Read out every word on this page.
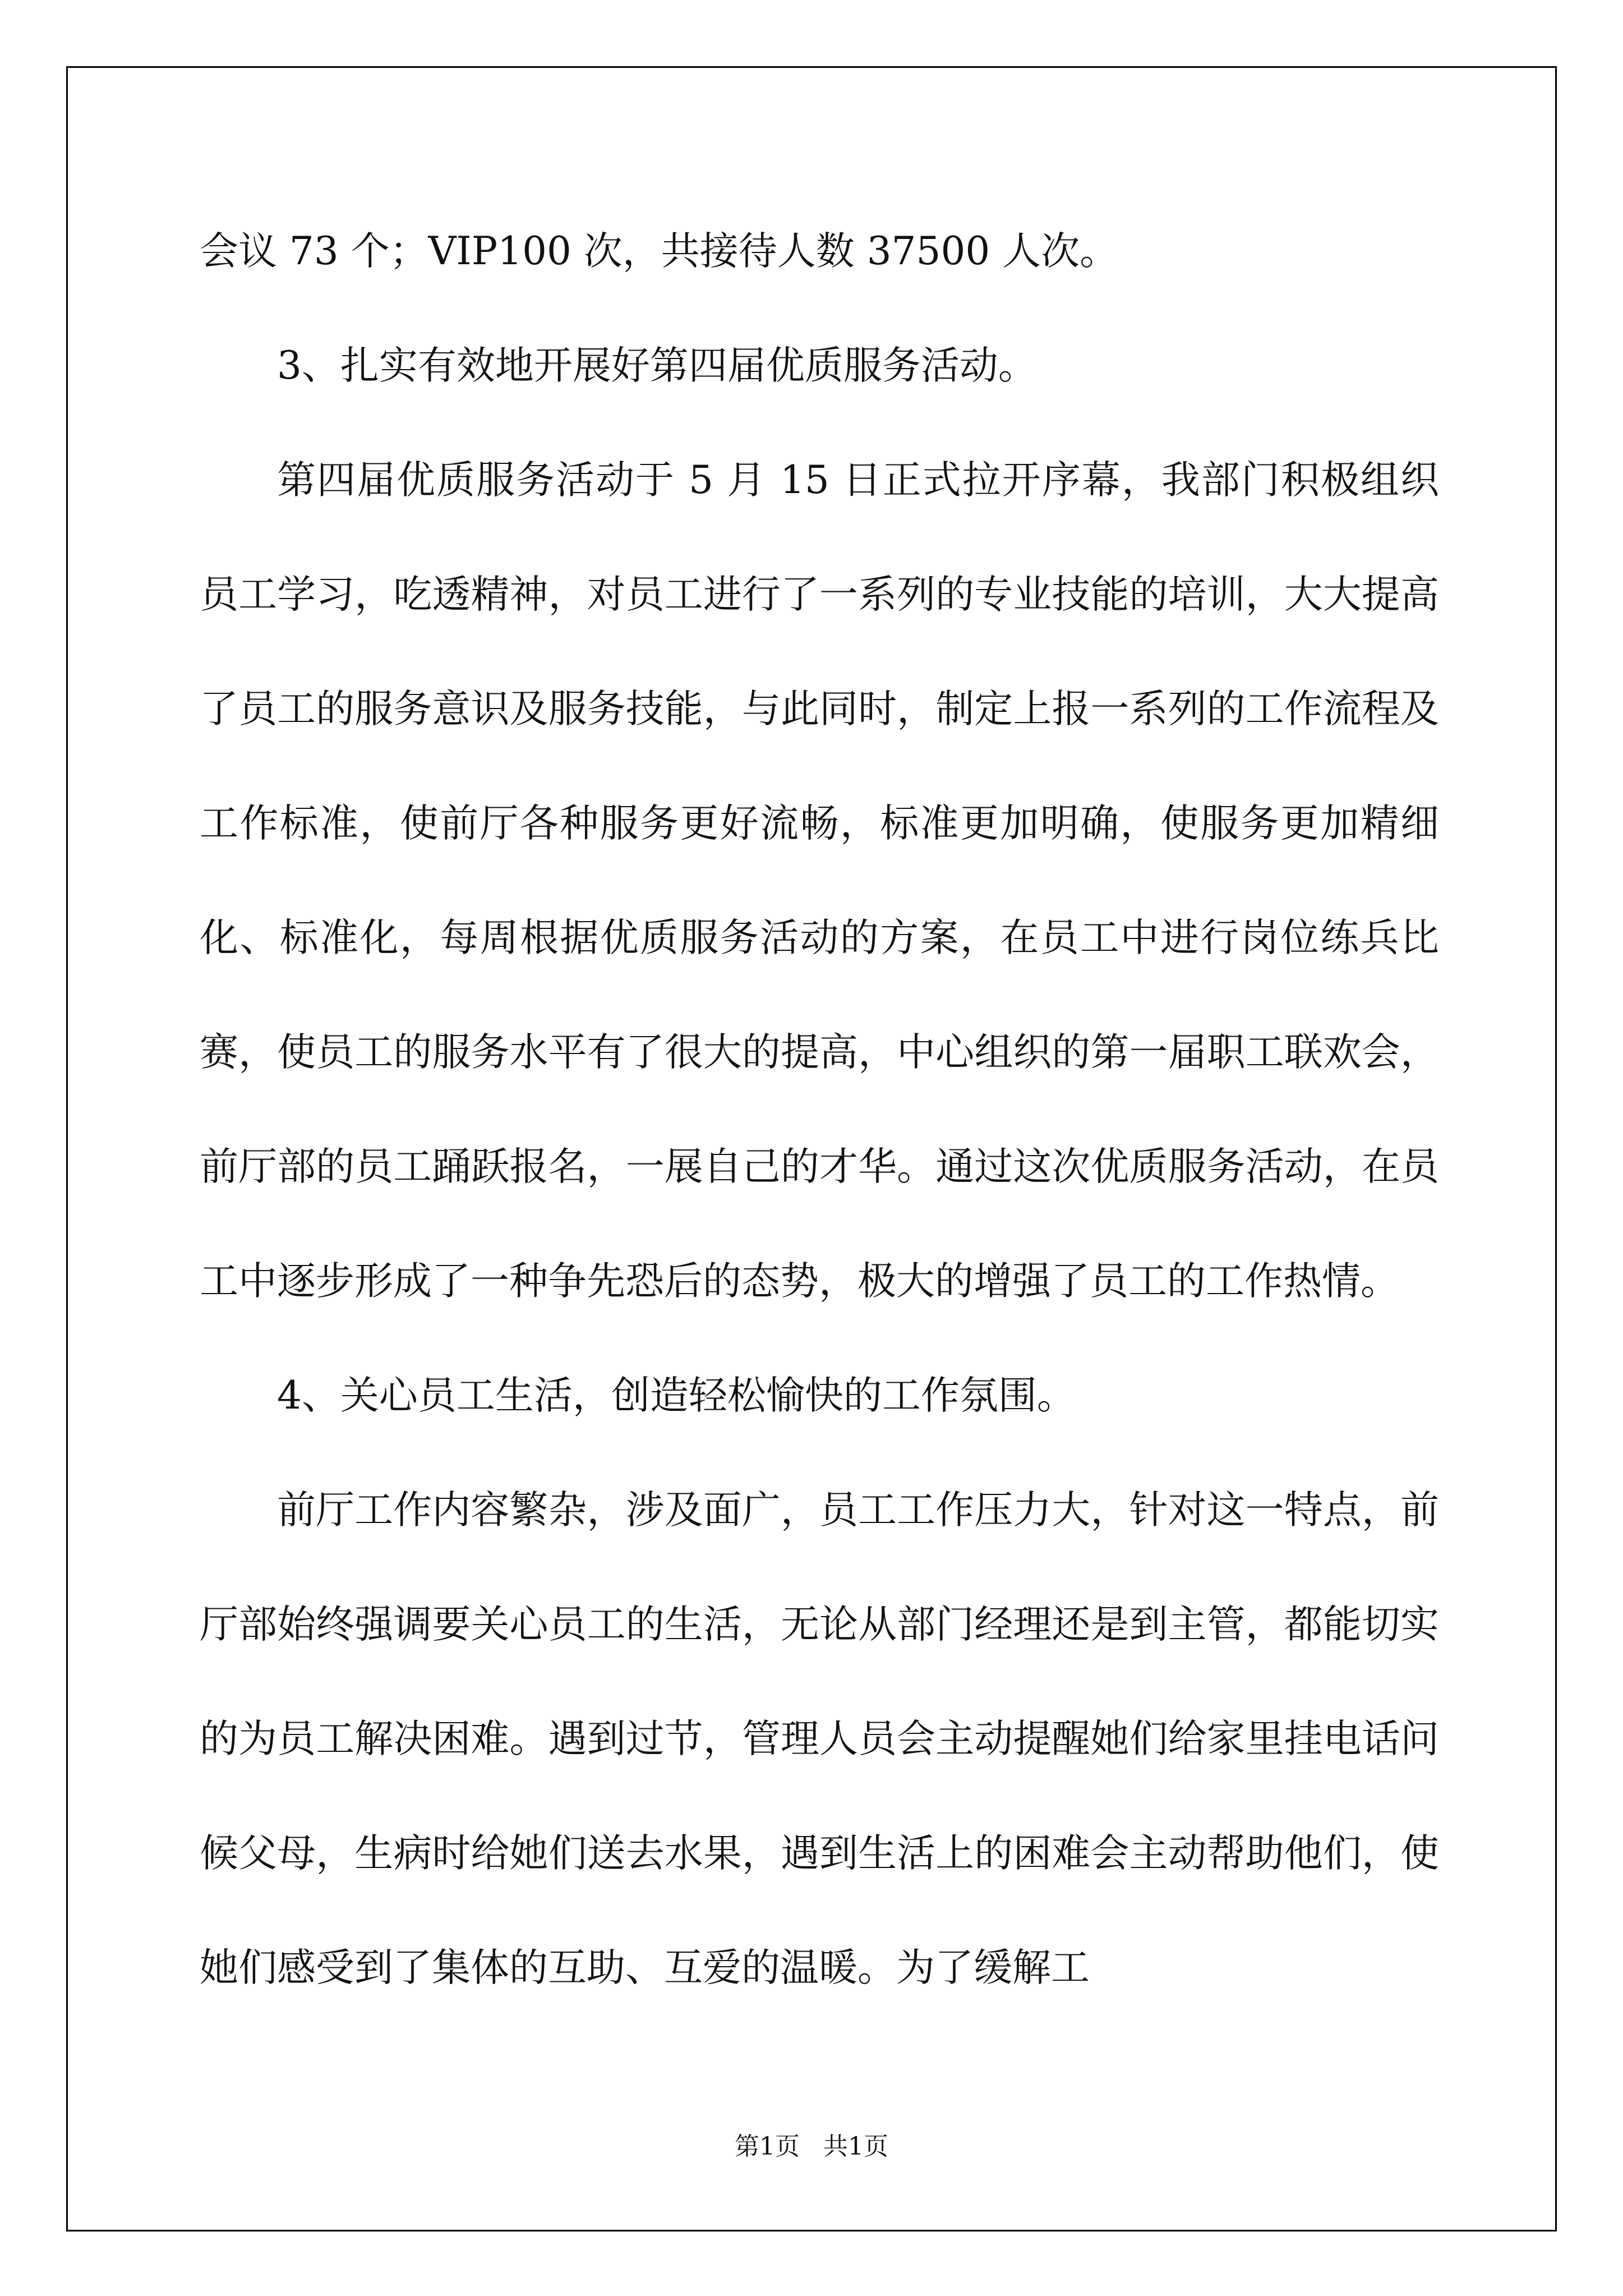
会议 73 个；VIP100 次，共接待人数 37500 人次。

3、扎实有效地开展好第四届优质服务活动。

第四届优质服务活动于 5 月 15 日正式拉开序幕，我部门积极组织员工学习，吃透精神，对员工进行了一系列的专业技能的培训，大大提高了员工的服务意识及服务技能，与此同时，制定上报一系列的工作流程及工作标准，使前厅各种服务更好流畅，标准更加明确，使服务更加精细化、标准化，每周根据优质服务活动的方案，在员工中进行岗位练兵比赛，使员工的服务水平有了很大的提高，中心组织的第一届职工联欢会，前厅部的员工踊跃报名，一展自己的才华。通过这次优质服务活动，在员工中逐步形成了一种争先恐后的态势，极大的增强了员工的工作热情。

4、关心员工生活，创造轻松愉快的工作氛围。

前厅工作内容繁杂，涉及面广，员工工作压力大，针对这一特点，前厅部始终强调要关心员工的生活，无论从部门经理还是到主管，都能切实的为员工解决困难。遇到过节，管理人员会主动提醒她们给家里挂电话问候父母，生病时给她们送去水果，遇到生活上的困难会主动帮助他们，使她们感受到了集体的互助、互爱的温暖。为了缓解工

第1页 共1页
